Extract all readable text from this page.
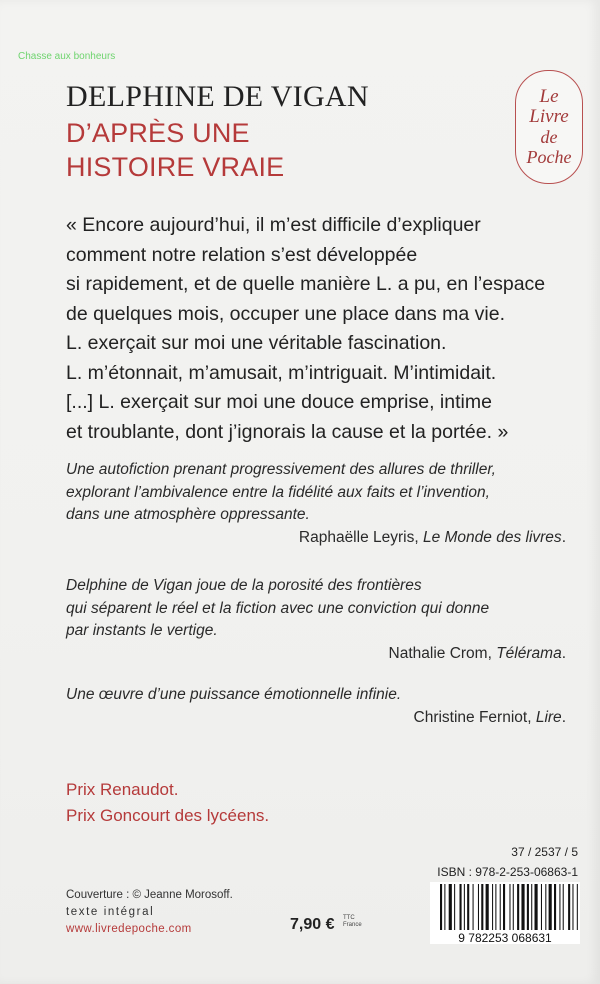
Chasse aux bonheurs
DELPHINE DE VIGAN
D’APRÈS UNE
HISTOIRE VRAIE
Le
Livre
de
Poche
« Encore aujourd’hui, il m’est difficile d’expliquer
comment notre relation s’est développée
si rapidement, et de quelle manière L. a pu, en l’espace
de quelques mois, occuper une place dans ma vie.
L. exerçait sur moi une véritable fascination.
L. m’étonnait, m’amusait, m’intriguait. M’intimidait.
[...] L. exerçait sur moi une douce emprise, intime
et troublante, dont j’ignorais la cause et la portée. »
Une autofiction prenant progressivement des allures de thriller,
explorant l’ambivalence entre la fidélité aux faits et l’invention,
dans une atmosphère oppressante.
Raphaëlle Leyris, Le Monde des livres.
Delphine de Vigan joue de la porosité des frontières
qui séparent le réel et la fiction avec une conviction qui donne
par instants le vertige.
Nathalie Crom, Télérama.
Une œuvre d’une puissance émotionnelle infinie.
Christine Ferniot, Lire.
Prix Renaudot.
Prix Goncourt des lycéens.
37 / 2537 / 5
ISBN : 978-2-253-06863-1
9 782253 068631
Couverture : © Jeanne Morosoff.
texte intégral
www.livredepoche.com	7,90 € TTC
France
